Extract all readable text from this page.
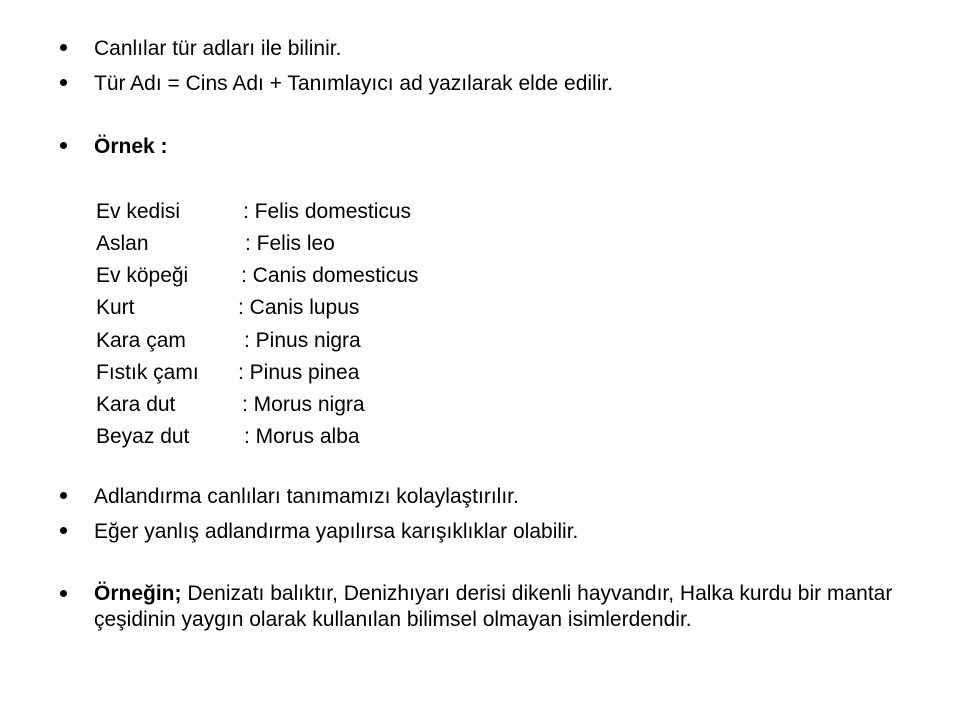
Canlılar tür adları ile bilinir.
Tür Adı = Cins Adı + Tanımlayıcı ad yazılarak elde edilir.
Örnek :
Ev kedisi	: Felis domesticus
Aslan	: Felis leo
Ev köpeği	: Canis domesticus
Kurt	: Canis lupus
Kara çam	: Pinus nigra
Fıstık çamı : Pinus pinea
Kara dut	: Morus nigra
Beyaz dut	: Morus alba
Adlandırma canlıları tanımamızı kolaylaştırılır.
Eğer yanlış adlandırma yapılırsa karışıklıklar olabilir.
Örneğin; Denizatı balıktır, Denizhıyarı derisi dikenli hayvandır, Halka kurdu bir mantar çeşidinin yaygın olarak kullanılan bilimsel olmayan isimlerdendir.
